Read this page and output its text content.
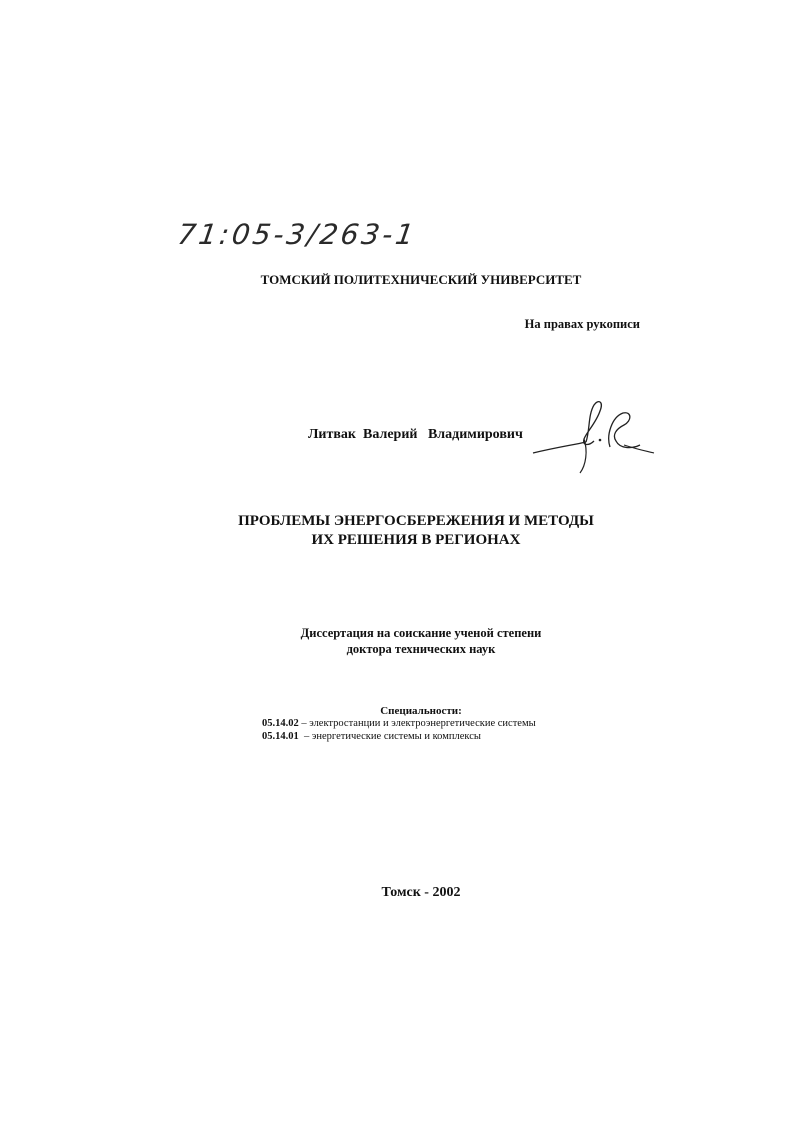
71:05-3/263-1
ТОМСКИЙ ПОЛИТЕХНИЧЕСКИЙ УНИВЕРСИТЕТ
На правах рукописи
Литвак  Валерий   Владимирович
ПРОБЛЕМЫ ЭНЕРГОСБЕРЕЖЕНИЯ И МЕТОДЫ
ИХ РЕШЕНИЯ В РЕГИОНАХ
Диссертация на соискание ученой степени
доктора технических наук
Специальности:
05.14.02 – электростанции и электроэнергетические системы
05.14.01  – энергетические системы и комплексы
Томск - 2002
